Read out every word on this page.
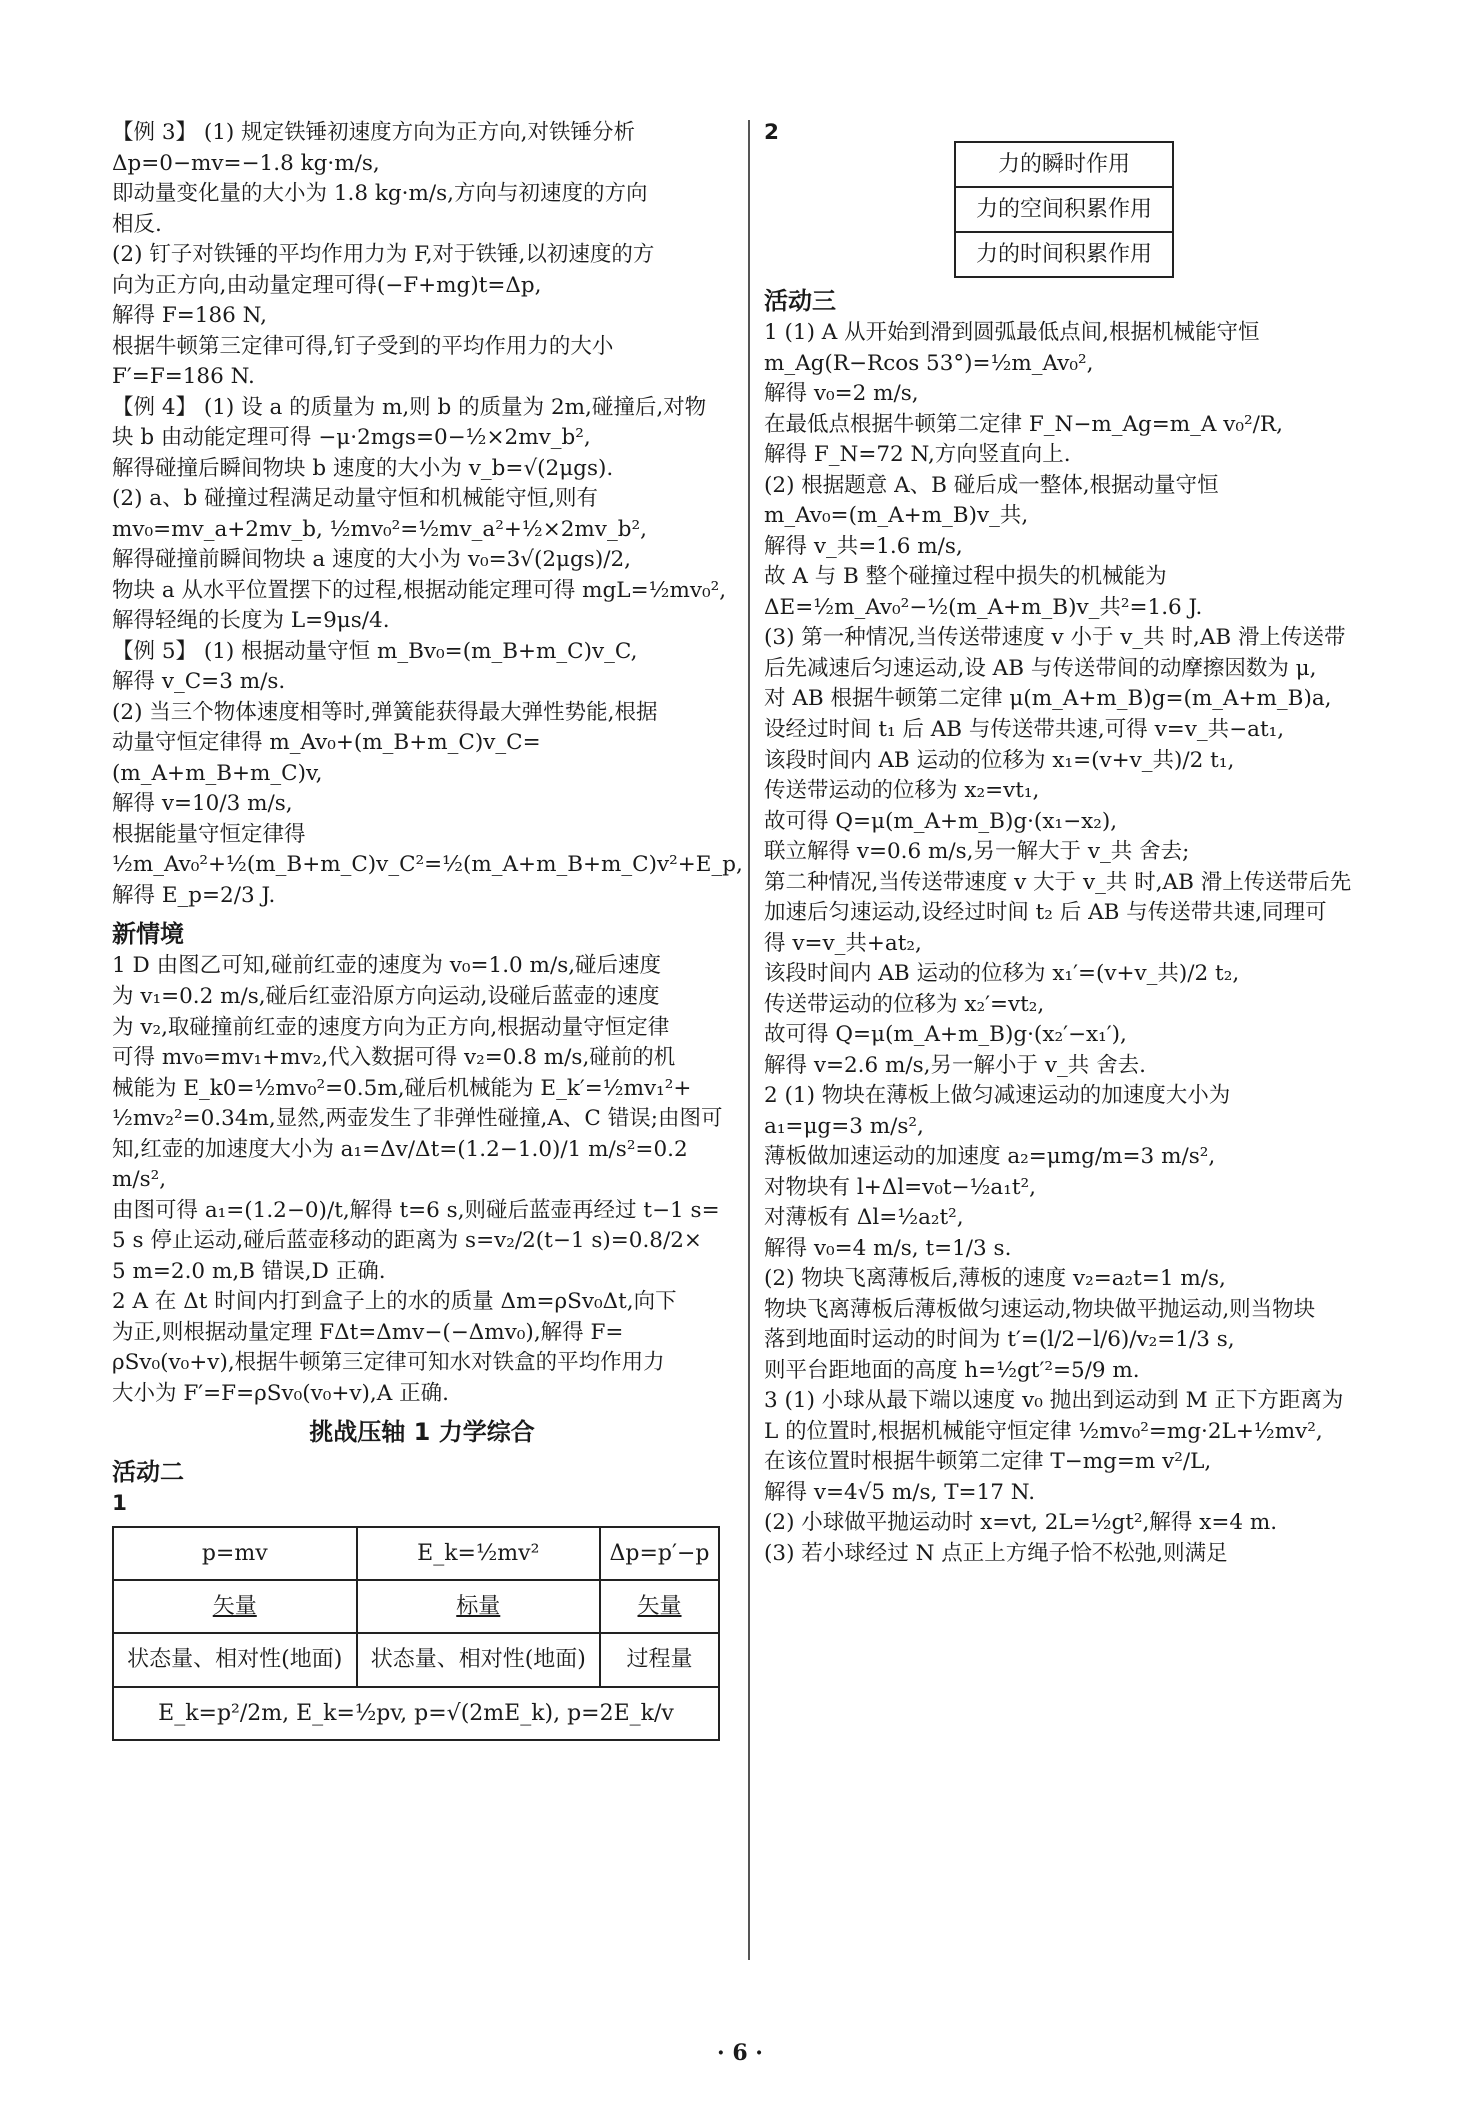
【例 3】 (1) 规定铁锤初速度方向为正方向,对铁锤分析

Δp=0−mv=−1.8 kg·m/s,

即动量变化量的大小为 1.8 kg·m/s,方向与初速度的方向

相反.

(2) 钉子对铁锤的平均作用力为 F,对于铁锤,以初速度的方

向为正方向,由动量定理可得(−F+mg)t=Δp,

解得 F=186 N,

根据牛顿第三定律可得,钉子受到的平均作用力的大小

F′=F=186 N.

【例 4】 (1) 设 a 的质量为 m,则 b 的质量为 2m,碰撞后,对物

块 b 由动能定理可得 −μ·2mgs=0−½×2mv_b²,

解得碰撞后瞬间物块 b 速度的大小为 v_b=√(2μgs).

(2) a、b 碰撞过程满足动量守恒和机械能守恒,则有

mv₀=mv_a+2mv_b, ½mv₀²=½mv_a²+½×2mv_b²,

解得碰撞前瞬间物块 a 速度的大小为 v₀=3√(2μgs)/2,

物块 a 从水平位置摆下的过程,根据动能定理可得 mgL=½mv₀²,

解得轻绳的长度为 L=9μs/4.

【例 5】 (1) 根据动量守恒 m_Bv₀=(m_B+m_C)v_C,

解得 v_C=3 m/s.

(2) 当三个物体速度相等时,弹簧能获得最大弹性势能,根据

动量守恒定律得 m_Av₀+(m_B+m_C)v_C=(m_A+m_B+m_C)v,

解得 v=10/3 m/s,

根据能量守恒定律得

½m_Av₀²+½(m_B+m_C)v_C²=½(m_A+m_B+m_C)v²+E_p,

解得 E_p=2/3 J.

新情境

1 D 由图乙可知,碰前红壶的速度为 v₀=1.0 m/s,碰后速度

为 v₁=0.2 m/s,碰后红壶沿原方向运动,设碰后蓝壶的速度

为 v₂,取碰撞前红壶的速度方向为正方向,根据动量守恒定律

可得 mv₀=mv₁+mv₂,代入数据可得 v₂=0.8 m/s,碰前的机

械能为 E_k0=½mv₀²=0.5m,碰后机械能为 E_k′=½mv₁²+

½mv₂²=0.34m,显然,两壶发生了非弹性碰撞,A、C 错误;由图可

知,红壶的加速度大小为 a₁=Δv/Δt=(1.2−1.0)/1 m/s²=0.2 m/s²,

由图可得 a₁=(1.2−0)/t,解得 t=6 s,则碰后蓝壶再经过 t−1 s=

5 s 停止运动,碰后蓝壶移动的距离为 s=v₂/2(t−1 s)=0.8/2×

5 m=2.0 m,B 错误,D 正确.

2 A 在 Δt 时间内打到盒子上的水的质量 Δm=ρSv₀Δt,向下

为正,则根据动量定理 FΔt=Δmv−(−Δmv₀),解得 F=

ρSv₀(v₀+v),根据牛顿第三定律可知水对铁盒的平均作用力

大小为 F′=F=ρSv₀(v₀+v),A 正确.

挑战压轴 1 力学综合

活动二

1

p=mv	E_k=½mv²	Δp=p′−p
矢量	标量	矢量
状态量、相对性(地面)	状态量、相对性(地面)	过程量
E_k=p²/2m, E_k=½pv, p=√(2mE_k), p=2E_k/v		

2

力的瞬时作用
力的空间积累作用
力的时间积累作用

活动三

1 (1) A 从开始到滑到圆弧最低点间,根据机械能守恒

m_Ag(R−Rcos 53°)=½m_Av₀²,

解得 v₀=2 m/s,

在最低点根据牛顿第二定律 F_N−m_Ag=m_A v₀²/R,

解得 F_N=72 N,方向竖直向上.

(2) 根据题意 A、B 碰后成一整体,根据动量守恒

m_Av₀=(m_A+m_B)v_共,

解得 v_共=1.6 m/s,

故 A 与 B 整个碰撞过程中损失的机械能为

ΔE=½m_Av₀²−½(m_A+m_B)v_共²=1.6 J.

(3) 第一种情况,当传送带速度 v 小于 v_共 时,AB 滑上传送带

后先减速后匀速运动,设 AB 与传送带间的动摩擦因数为 μ,

对 AB 根据牛顿第二定律 μ(m_A+m_B)g=(m_A+m_B)a,

设经过时间 t₁ 后 AB 与传送带共速,可得 v=v_共−at₁,

该段时间内 AB 运动的位移为 x₁=(v+v_共)/2 t₁,

传送带运动的位移为 x₂=vt₁,

故可得 Q=μ(m_A+m_B)g·(x₁−x₂),

联立解得 v=0.6 m/s,另一解大于 v_共 舍去;

第二种情况,当传送带速度 v 大于 v_共 时,AB 滑上传送带后先

加速后匀速运动,设经过时间 t₂ 后 AB 与传送带共速,同理可

得 v=v_共+at₂,

该段时间内 AB 运动的位移为 x₁′=(v+v_共)/2 t₂,

传送带运动的位移为 x₂′=vt₂,

故可得 Q=μ(m_A+m_B)g·(x₂′−x₁′),

解得 v=2.6 m/s,另一解小于 v_共 舍去.

2 (1) 物块在薄板上做匀减速运动的加速度大小为

a₁=μg=3 m/s²,

薄板做加速运动的加速度 a₂=μmg/m=3 m/s²,

对物块有 l+Δl=v₀t−½a₁t²,

对薄板有 Δl=½a₂t²,

解得 v₀=4 m/s, t=1/3 s.

(2) 物块飞离薄板后,薄板的速度 v₂=a₂t=1 m/s,

物块飞离薄板后薄板做匀速运动,物块做平抛运动,则当物块

落到地面时运动的时间为 t′=(l/2−l/6)/v₂=1/3 s,

则平台距地面的高度 h=½gt′²=5/9 m.

3 (1) 小球从最下端以速度 v₀ 抛出到运动到 M 正下方距离为

L 的位置时,根据机械能守恒定律 ½mv₀²=mg·2L+½mv²,

在该位置时根据牛顿第二定律 T−mg=m v²/L,

解得 v=4√5 m/s, T=17 N.

(2) 小球做平抛运动时 x=vt, 2L=½gt²,解得 x=4 m.

(3) 若小球经过 N 点正上方绳子恰不松弛,则满足

· 6 ·
